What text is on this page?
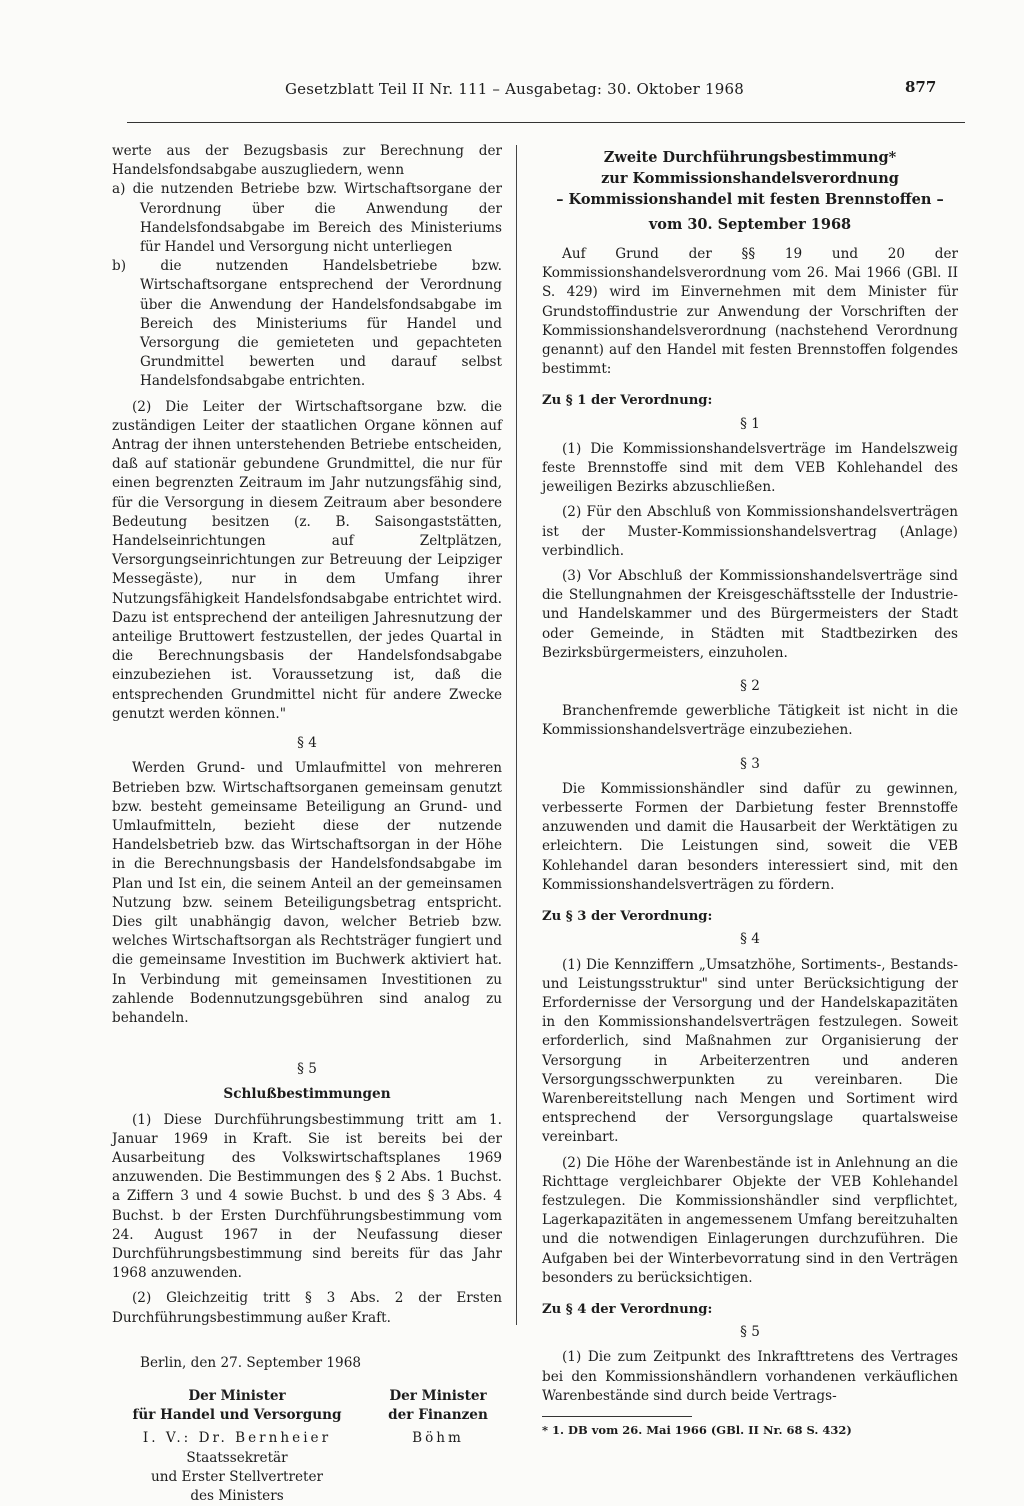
Gesetzblatt Teil II Nr. 111 – Ausgabetag: 30. Oktober 1968	877

werte aus der Bezugsbasis zur Berechnung der Handelsfondsabgabe auszugliedern, wenn

a) die nutzenden Betriebe bzw. Wirtschaftsorgane der Verordnung über die Anwendung der Handelsfondsabgabe im Bereich des Ministeriums für Handel und Versorgung nicht unterliegen

b) die nutzenden Handelsbetriebe bzw. Wirtschaftsorgane entsprechend der Verordnung über die Anwendung der Handelsfondsabgabe im Bereich des Ministeriums für Handel und Versorgung die gemieteten und gepachteten Grundmittel bewerten und darauf selbst Handelsfondsabgabe entrichten.

(2) Die Leiter der Wirtschaftsorgane bzw. die zuständigen Leiter der staatlichen Organe können auf Antrag der ihnen unterstehenden Betriebe entscheiden, daß auf stationär gebundene Grundmittel, die nur für einen begrenzten Zeitraum im Jahr nutzungsfähig sind, für die Versorgung in diesem Zeitraum aber besondere Bedeutung besitzen (z. B. Saisongaststätten, Handelseinrichtungen auf Zeltplätzen, Versorgungseinrichtungen zur Betreuung der Leipziger Messegäste), nur in dem Umfang ihrer Nutzungsfähigkeit Handelsfondsabgabe entrichtet wird. Dazu ist entsprechend der anteiligen Jahresnutzung der anteilige Bruttowert festzustellen, der jedes Quartal in die Berechnungsbasis der Handelsfondsabgabe einzubeziehen ist. Voraussetzung ist, daß die entsprechenden Grundmittel nicht für andere Zwecke genutzt werden können."

§ 4

Werden Grund- und Umlaufmittel von mehreren Betrieben bzw. Wirtschaftsorganen gemeinsam genutzt bzw. besteht gemeinsame Beteiligung an Grund- und Umlaufmitteln, bezieht diese der nutzende Handelsbetrieb bzw. das Wirtschaftsorgan in der Höhe in die Berechnungsbasis der Handelsfondsabgabe im Plan und Ist ein, die seinem Anteil an der gemeinsamen Nutzung bzw. seinem Beteiligungsbetrag entspricht. Dies gilt unabhängig davon, welcher Betrieb bzw. welches Wirtschaftsorgan als Rechtsträger fungiert und die gemeinsame Investition im Buchwerk aktiviert hat. In Verbindung mit gemeinsamen Investitionen zu zahlende Bodennutzungsgebühren sind analog zu behandeln.

§ 5

Schlußbestimmungen

(1) Diese Durchführungsbestimmung tritt am 1. Januar 1969 in Kraft. Sie ist bereits bei der Ausarbeitung des Volkswirtschaftsplanes 1969 anzuwenden. Die Bestimmungen des § 2 Abs. 1 Buchst. a Ziffern 3 und 4 sowie Buchst. b und des § 3 Abs. 4 Buchst. b der Ersten Durchführungsbestimmung vom 24. August 1967 in der Neufassung dieser Durchführungsbestimmung sind bereits für das Jahr 1968 anzuwenden.

(2) Gleichzeitig tritt § 3 Abs. 2 der Ersten Durchführungsbestimmung außer Kraft.

Berlin, den 27. September 1968

Der Minister
für Handel und Versorgung
I. V.: Dr. Bernheier
Staatssekretär
und Erster Stellvertreter
des Ministers
Der Minister
der Finanzen
Böhm

Zweite Durchführungsbestimmung*

zur Kommissionshandelsverordnung

– Kommissionshandel mit festen Brennstoffen –

vom 30. September 1968

Auf Grund der §§ 19 und 20 der Kommissionshandelsverordnung vom 26. Mai 1966 (GBl. II S. 429) wird im Einvernehmen mit dem Minister für Grundstoffindustrie zur Anwendung der Vorschriften der Kommissionshandelsverordnung (nachstehend Verordnung genannt) auf den Handel mit festen Brennstoffen folgendes bestimmt:

Zu § 1 der Verordnung:

§ 1

(1) Die Kommissionshandelsverträge im Handelszweig feste Brennstoffe sind mit dem VEB Kohlehandel des jeweiligen Bezirks abzuschließen.

(2) Für den Abschluß von Kommissionshandelsverträgen ist der Muster-Kommissionshandelsvertrag (Anlage) verbindlich.

(3) Vor Abschluß der Kommissionshandelsverträge sind die Stellungnahmen der Kreisgeschäftsstelle der Industrie- und Handelskammer und des Bürgermeisters der Stadt oder Gemeinde, in Städten mit Stadtbezirken des Bezirksbürgermeisters, einzuholen.

§ 2

Branchenfremde gewerbliche Tätigkeit ist nicht in die Kommissionshandelsverträge einzubeziehen.

§ 3

Die Kommissionshändler sind dafür zu gewinnen, verbesserte Formen der Darbietung fester Brennstoffe anzuwenden und damit die Hausarbeit der Werktätigen zu erleichtern. Die Leistungen sind, soweit die VEB Kohlehandel daran besonders interessiert sind, mit den Kommissionshandelsverträgen zu fördern.

Zu § 3 der Verordnung:

§ 4

(1) Die Kennziffern „Umsatzhöhe, Sortiments-, Bestands- und Leistungsstruktur" sind unter Berücksichtigung der Erfordernisse der Versorgung und der Handelskapazitäten in den Kommissionshandelsverträgen festzulegen. Soweit erforderlich, sind Maßnahmen zur Organisierung der Versorgung in Arbeiterzentren und anderen Versorgungsschwerpunkten zu vereinbaren. Die Warenbereitstellung nach Mengen und Sortiment wird entsprechend der Versorgungslage quartalsweise vereinbart.

(2) Die Höhe der Warenbestände ist in Anlehnung an die Richttage vergleichbarer Objekte der VEB Kohlehandel festzulegen. Die Kommissionshändler sind verpflichtet, Lagerkapazitäten in angemessenem Umfang bereitzuhalten und die notwendigen Einlagerungen durchzuführen. Die Aufgaben bei der Winterbevorratung sind in den Verträgen besonders zu berücksichtigen.

Zu § 4 der Verordnung:

§ 5

(1) Die zum Zeitpunkt des Inkrafttretens des Vertrages bei den Kommissionshändlern vorhandenen verkäuflichen Warenbestände sind durch beide Vertrags-

* 1. DB vom 26. Mai 1966 (GBl. II Nr. 68 S. 432)
